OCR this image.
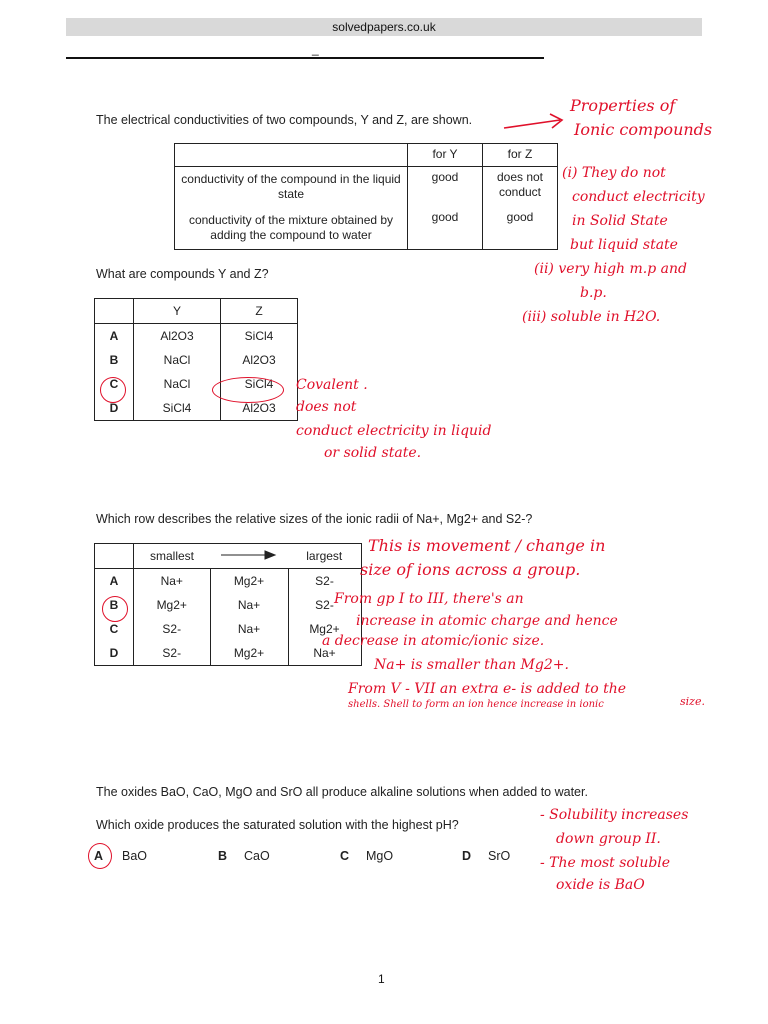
solvedpapers.co.uk
_
The electrical conductivities of two compounds, Y and Z, are shown.
	for Y	for Z
conductivity of the compound in the liquid state	good	does not conduct
conductivity of the mixture obtained by adding the compound to water	good	good
What are compounds Y and Z?
	Y	Z
A	Al2O3	SiCl4
B	NaCl	Al2O3
C	NaCl	SiCl4
D	SiCl4	Al2O3
Properties of
Ionic compounds
(i) They do not
conduct electricity
in Solid State
but liquid state
(ii) very high m.p and
b.p.
(iii) soluble in H2O.
Covalent .
does not
conduct electricity in liquid
or solid state.
Which row describes the relative sizes of the ionic radii of Na+, Mg2+ and S2-?
	smallest		largest
A	Na+	Mg2+	S2-
B	Mg2+	Na+	S2-
C	S2-	Na+	Mg2+
D	S2-	Mg2+	Na+
This is movement / change in
size of ions across a group.
From gp I to III, there's an
increase in atomic charge and hence
a decrease in atomic/ionic size.
Na+ is smaller than Mg2+.
From V - VII an extra e- is added to the
shells. Shell to form an ion hence increase in ionic	size.
The oxides BaO, CaO, MgO and SrO all produce alkaline solutions when added to water.
Which oxide produces the saturated solution with the highest pH?
A BaO	B CaO	C MgO	D SrO
- Solubility increases
down group II.
- The most soluble
oxide is BaO
1
